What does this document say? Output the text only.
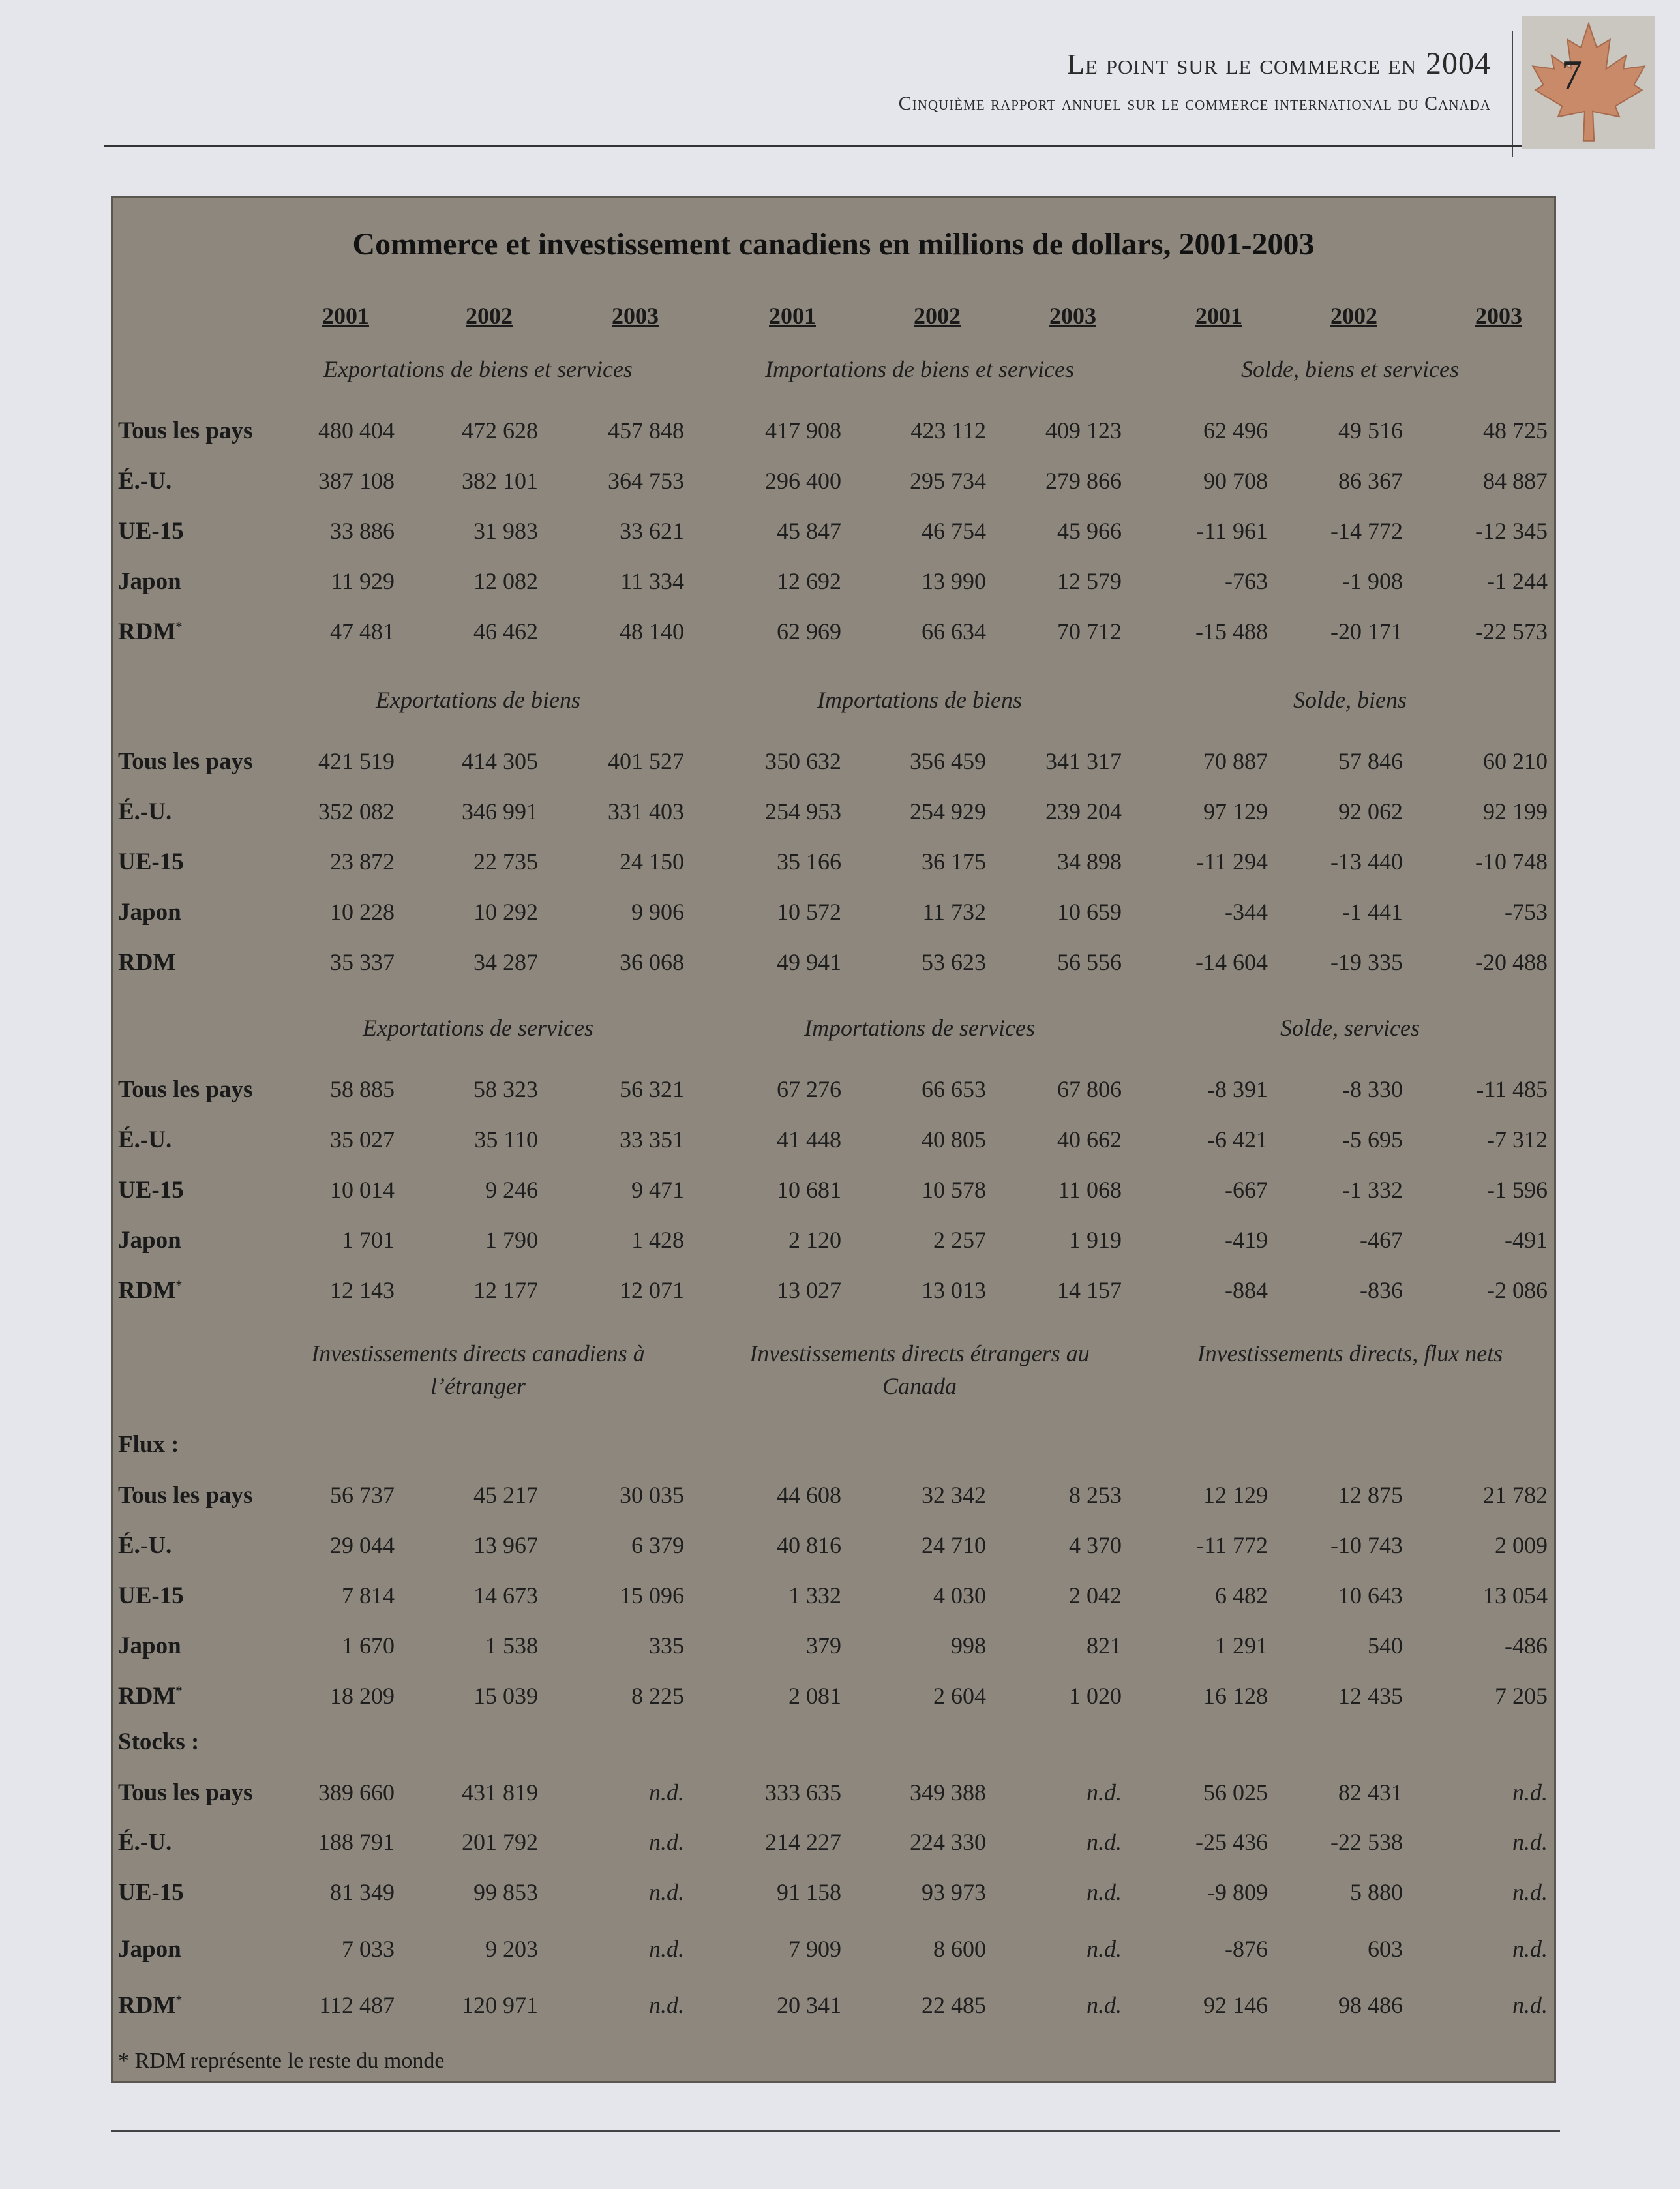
Le point sur le commerce en 2004
Cinquième rapport annuel sur le commerce international du Canada
7
Commerce et investissement canadiens en millions de dollars, 2001-2003
2001	2002	2003	2001	2002	2003	2001	2002	2003
Exportations de biens et services	Importations de biens et services	Solde, biens et services
Tous les pays	480 404	472 628	457 848	417 908	423 112	409 123	62 496	49 516	48 725
É.-U.	387 108	382 101	364 753	296 400	295 734	279 866	90 708	86 367	84 887
UE-15	33 886	31 983	33 621	45 847	46 754	45 966	-11 961	-14 772	-12 345
Japon	11 929	12 082	11 334	12 692	13 990	12 579	-763	-1 908	-1 244
RDM*	47 481	46 462	48 140	62 969	66 634	70 712	-15 488	-20 171	-22 573
Exportations de biens	Importations de biens	Solde, biens
Tous les pays	421 519	414 305	401 527	350 632	356 459	341 317	70 887	57 846	60 210
É.-U.	352 082	346 991	331 403	254 953	254 929	239 204	97 129	92 062	92 199
UE-15	23 872	22 735	24 150	35 166	36 175	34 898	-11 294	-13 440	-10 748
Japon	10 228	10 292	9 906	10 572	11 732	10 659	-344	-1 441	-753
RDM	35 337	34 287	36 068	49 941	53 623	56 556	-14 604	-19 335	-20 488
Exportations de services	Importations de services	Solde, services
Tous les pays	58 885	58 323	56 321	67 276	66 653	67 806	-8 391	-8 330	-11 485
É.-U.	35 027	35 110	33 351	41 448	40 805	40 662	-6 421	-5 695	-7 312
UE-15	10 014	9 246	9 471	10 681	10 578	11 068	-667	-1 332	-1 596
Japon	1 701	1 790	1 428	2 120	2 257	1 919	-419	-467	-491
RDM*	12 143	12 177	12 071	13 027	13 013	14 157	-884	-836	-2 086
Investissements directs canadiens à l’étranger
Investissements directs étrangers au Canada
Investissements directs, flux nets
Flux :
Tous les pays	56 737	45 217	30 035	44 608	32 342	8 253	12 129	12 875	21 782
É.-U.	29 044	13 967	6 379	40 816	24 710	4 370	-11 772	-10 743	2 009
UE-15	7 814	14 673	15 096	1 332	4 030	2 042	6 482	10 643	13 054
Japon	1 670	1 538	335	379	998	821	1 291	540	-486
RDM*	18 209	15 039	8 225	2 081	2 604	1 020	16 128	12 435	7 205
Stocks :
Tous les pays	389 660	431 819	n.d.	333 635	349 388	n.d.	56 025	82 431	n.d.
É.-U.	188 791	201 792	n.d.	214 227	224 330	n.d.	-25 436	-22 538	n.d.
UE-15	81 349	99 853	n.d.	91 158	93 973	n.d.	-9 809	5 880	n.d.
Japon	7 033	9 203	n.d.	7 909	8 600	n.d.	-876	603	n.d.
RDM*	112 487	120 971	n.d.	20 341	22 485	n.d.	92 146	98 486	n.d.
* RDM représente le reste du monde
